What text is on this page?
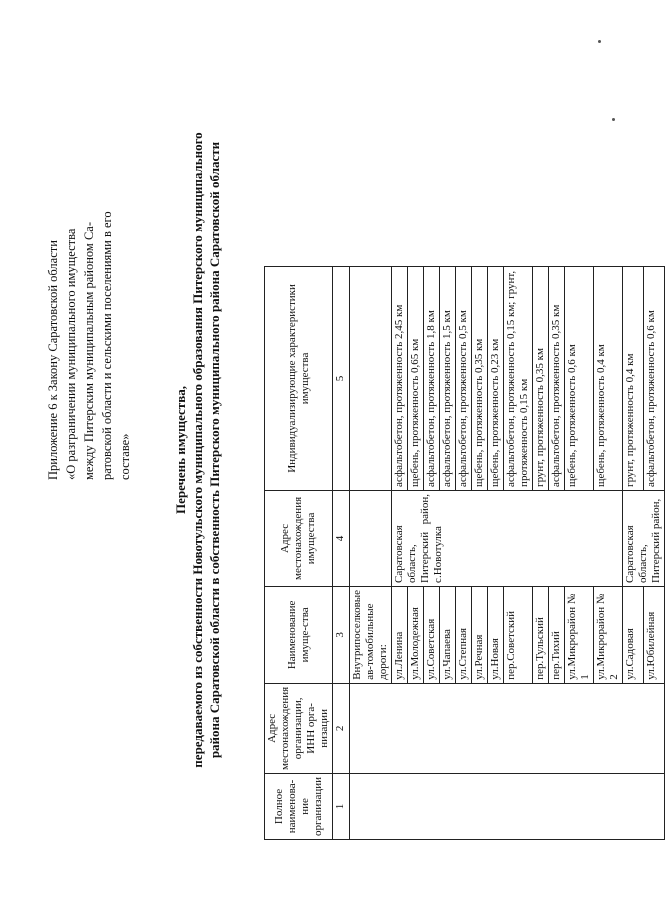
Приложение 6 к Закону Саратовской области «О разграничении муниципального имущества между Питерским муниципальным районом Са- ратовской области и сельскими поселениями в его составе»	Перечень имущества, передаваемого из собственности Новотульского муниципального образования Питерского муниципального района Саратовской области в собственность Питерского муниципального района Саратовской области
Полное наименова-ние организации	Адрес местонахождения организации, ИНН орга-низации	Наименование имуще-ства	Адрес местонахождения имущества	Индивидуализирующие характеристики имущества
1	2	3	4	5
		Внутрипоселковые ав-томобильные дороги:		
		ул.Ленина	Саратовская область, Питерский район, с.Новотулка	асфальтобетон, протяженность 2,45 км
		ул.Молодежная		щебень, протяженность 0,65 км
		ул.Советская		асфальтобетон, протяженность 1,8 км
		ул.Чапаева		асфальтобетон, протяженность 1,5 км
		ул.Степная		асфальтобетон, протяженность 0,5 км
		ул.Речная		щебень, протяженность 0,35 км
		ул.Новая		щебень, протяженность 0,23 км
		пер.Советский		асфальтобетон, протяженность 0,15 км; грунт, протяженность 0,15 км
		пер.Тульский		грунт, протяженность 0,35 км
		пер.Тихий		асфальтобетон, протяженность 0,35 км
		ул.Микрорайон № 1		щебень, протяженность 0,6 км
		ул.Микрорайон № 2		щебень, протяженность 0,4 км
		ул.Садовая	Саратовская область, Питерский район,	грунт, протяженность 0,4 км
		ул.Юбилейная		асфальтобетон, протяженность 0,6 км
